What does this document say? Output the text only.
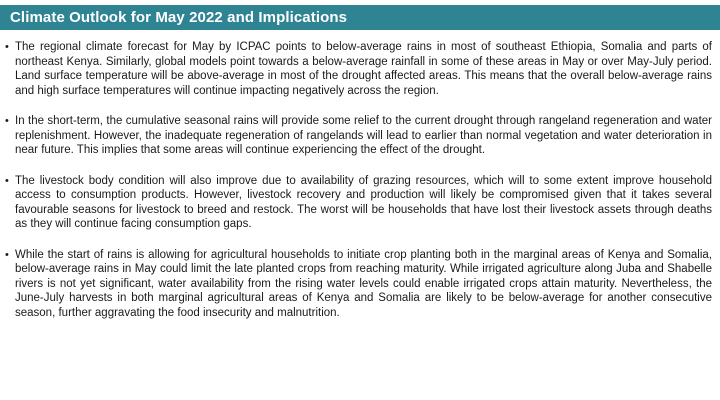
Climate Outlook for May 2022 and Implications
• The regional climate forecast for May by ICPAC points to below-average rains in most of southeast Ethiopia, Somalia and parts of northeast Kenya. Similarly, global models point towards a below-average rainfall in some of these areas in May or over May-July period. Land surface temperature will be above-average in most of the drought affected areas. This means that the overall below-average rains and high surface temperatures will continue impacting negatively across the region.
• In the short-term, the cumulative seasonal rains will provide some relief to the current drought through rangeland regeneration and water replenishment. However, the inadequate regeneration of rangelands will lead to earlier than normal vegetation and water deterioration in near future. This implies that some areas will continue experiencing the effect of the drought.
• The livestock body condition will also improve due to availability of grazing resources, which will to some extent improve household access to consumption products. However, livestock recovery and production will likely be compromised given that it takes several favourable seasons for livestock to breed and restock. The worst will be households that have lost their livestock assets through deaths as they will continue facing consumption gaps.
• While the start of rains is allowing for agricultural households to initiate crop planting both in the marginal areas of Kenya and Somalia, below-average rains in May could limit the late planted crops from reaching maturity. While irrigated agriculture along Juba and Shabelle rivers is not yet significant, water availability from the rising water levels could enable irrigated crops attain maturity. Nevertheless, the June-July harvests in both marginal agricultural areas of Kenya and Somalia are likely to be below-average for another consecutive season, further aggravating the food insecurity and malnutrition.
